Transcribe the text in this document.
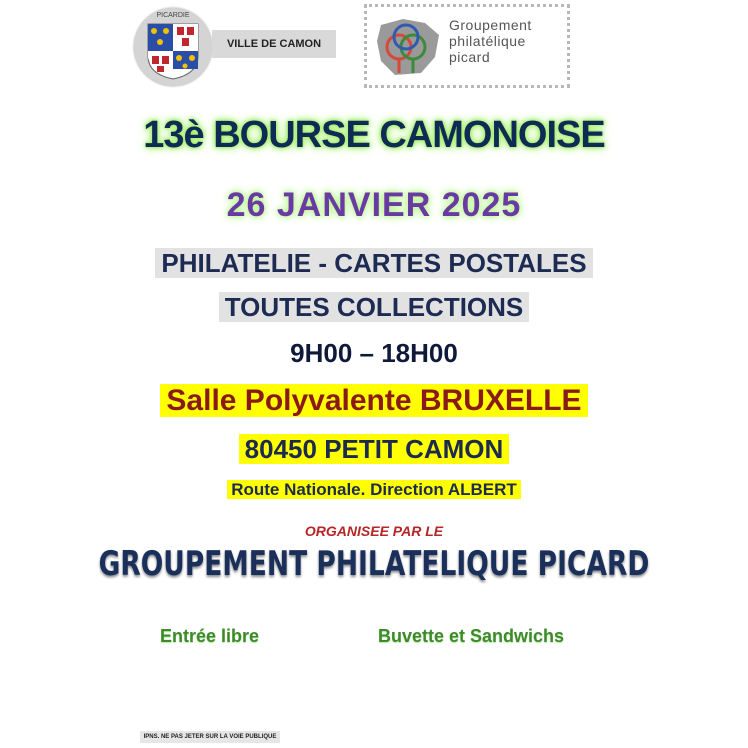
PICARDIE
VILLE DE CAMON
Groupement
philatélique
picard
13è BOURSE CAMONOISE
26 JANVIER 2025
PHILATELIE - CARTES POSTALES
TOUTES COLLECTIONS
9H00 – 18H00
Salle Polyvalente BRUXELLE
80450 PETIT CAMON
Route Nationale. Direction ALBERT
ORGANISEE PAR LE
GROUPEMENT PHILATELIQUE PICARD
Entrée libre	Buvette et Sandwichs
IPNS. NE PAS JETER SUR LA VOIE PUBLIQUE
